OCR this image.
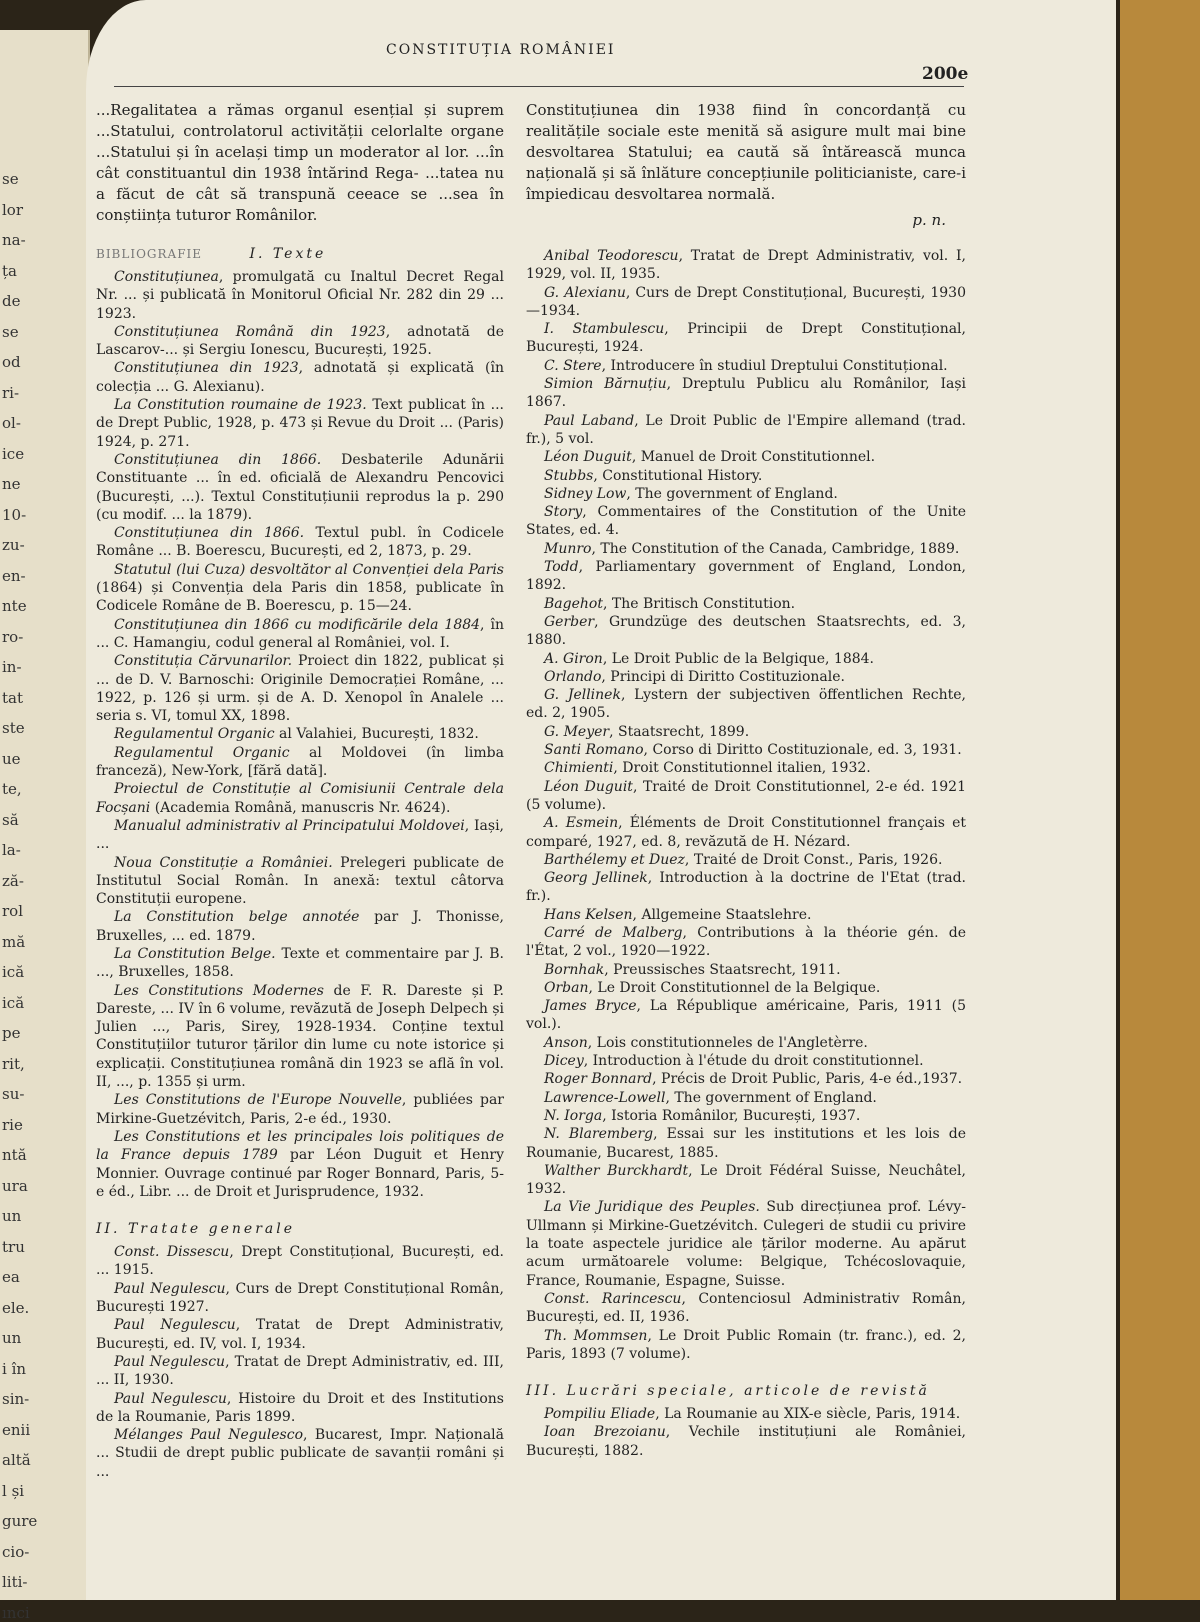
se
lor
na-
ța
de
se
od
ri-
ol-
ice
ne
10-
zu-
en-
nte
ro-
in-
tat
ste
ue
te,
să
la-
ză-
rol
mă
ică
ică
pe
rit,
su-
rie
ntă
ura
un
tru
ea
ele.
un
i în
sin-
enii
altă
l și
gure
cio-
liti-
ınci
CONSTITUȚIA ROMÂNIEI
200e

...Regalitatea a rămas organul esențial și suprem ...Statului, controlatorul activității celorlalte organe ...Statului și în același timp un moderator al lor. ...în cât constituantul din 1938 întărind Rega- ...tatea nu a făcut de cât să transpună ceeace se ...sea în conștiința tuturor Românilor.

BIBLIOGRAFIE	I. Texte

Constituțiunea, promulgată cu Inaltul Decret Regal Nr. ... și publicată în Monitorul Oficial Nr. 282 din 29 ... 1923.

Constituțiunea Română din 1923, adnotată de Lascarov-... și Sergiu Ionescu, București, 1925.

Constituțiunea din 1923, adnotată și explicată (în colecția ... G. Alexianu).

La Constitution roumaine de 1923. Text publicat în ... de Drept Public, 1928, p. 473 și Revue du Droit ... (Paris) 1924, p. 271.

Constituțiunea din 1866. Desbaterile Adunării Constituante ... în ed. oficială de Alexandru Pencovici (București, ...). Textul Constituțiunii reprodus la p. 290 (cu modif. ... la 1879).

Constituțiunea din 1866. Textul publ. în Codicele Române ... B. Boerescu, București, ed 2, 1873, p. 29.

Statutul (lui Cuza) desvoltător al Convenției dela Paris (1864) și Convenția dela Paris din 1858, publicate în Codicele Române de B. Boerescu, p. 15—24.

Constituțiunea din 1866 cu modificările dela 1884, în ... C. Hamangiu, codul general al României, vol. I.

Constituția Cărvunarilor. Proiect din 1822, publicat și ... de D. V. Barnoschi: Originile Democrației Române, ... 1922, p. 126 și urm. și de A. D. Xenopol în Analele ... seria s. VI, tomul XX, 1898.

Regulamentul Organic al Valahiei, București, 1832.

Regulamentul Organic al Moldovei (în limba franceză), New-York, [fără dată].

Proiectul de Constituție al Comisiunii Centrale dela Focșani (Academia Română, manuscris Nr. 4624).

Manualul administrativ al Principatului Moldovei, Iași, ...

Noua Constituție a României. Prelegeri publicate de Institutul Social Român. In anexă: textul câtorva Constituții europene.

La Constitution belge annotée par J. Thonisse, Bruxelles, ... ed. 1879.

La Constitution Belge. Texte et commentaire par J. B. ..., Bruxelles, 1858.

Les Constitutions Modernes de F. R. Dareste și P. Dareste, ... IV în 6 volume, revăzută de Joseph Delpech și Julien ..., Paris, Sirey, 1928-1934. Conține textul Constituțiilor tuturor țărilor din lume cu note istorice și explicații. Constituțiunea română din 1923 se află în vol. II, ..., p. 1355 și urm.

Les Constitutions de l'Europe Nouvelle, publiées par Mirkine-Guetzévitch, Paris, 2-e éd., 1930.

Les Constitutions et les principales lois politiques de la France depuis 1789 par Léon Duguit et Henry Monnier. Ouvrage continué par Roger Bonnard, Paris, 5-e éd., Libr. ... de Droit et Jurisprudence, 1932.

II. Tratate generale

Const. Dissescu, Drept Constituțional, București, ed. ... 1915.

Paul Negulescu, Curs de Drept Constituțional Român, București 1927.

Paul Negulescu, Tratat de Drept Administrativ, București, ed. IV, vol. I, 1934.

Paul Negulescu, Tratat de Drept Administrativ, ed. III, ... II, 1930.

Paul Negulescu, Histoire du Droit et des Institutions de la Roumanie, Paris 1899.

Mélanges Paul Negulesco, Bucarest, Impr. Națională ... Studii de drept public publicate de savanții români și ...

Constituțiunea din 1938 fiind în concordanță cu realitățile sociale este menită să asigure mult mai bine desvoltarea Statului; ea caută să întărească munca națională și să înlăture concepțiunile politicianiste, care-i împiedicau desvoltarea normală.

p. n.

Anibal Teodorescu, Tratat de Drept Administrativ, vol. I, 1929, vol. II, 1935.

G. Alexianu, Curs de Drept Constituțional, București, 1930—1934.

I. Stambulescu, Principii de Drept Constituțional, București, 1924.

C. Stere, Introducere în studiul Dreptului Constituțional.

Simion Bărnuțiu, Dreptulu Publicu alu Românilor, Iași 1867.

Paul Laband, Le Droit Public de l'Empire allemand (trad. fr.), 5 vol.

Léon Duguit, Manuel de Droit Constitutionnel.

Stubbs, Constitutional History.

Sidney Low, The government of England.

Story, Commentaires of the Constitution of the Unite States, ed. 4.

Munro, The Constitution of the Canada, Cambridge, 1889.

Todd, Parliamentary government of England, London, 1892.

Bagehot, The Britisch Constitution.

Gerber, Grundzüge des deutschen Staatsrechts, ed. 3, 1880.

A. Giron, Le Droit Public de la Belgique, 1884.

Orlando, Principi di Diritto Costituzionale.

G. Jellinek, Lystern der subjectiven öffentlichen Rechte, ed. 2, 1905.

G. Meyer, Staatsrecht, 1899.

Santi Romano, Corso di Diritto Costituzionale, ed. 3, 1931.

Chimienti, Droit Constitutionnel italien, 1932.

Léon Duguit, Traité de Droit Constitutionnel, 2-e éd. 1921 (5 volume).

A. Esmein, Éléments de Droit Constitutionnel français et comparé, 1927, ed. 8, revăzută de H. Nézard.

Barthélemy et Duez, Traité de Droit Const., Paris, 1926.

Georg Jellinek, Introduction à la doctrine de l'Etat (trad. fr.).

Hans Kelsen, Allgemeine Staatslehre.

Carré de Malberg, Contributions à la théorie gén. de l'État, 2 vol., 1920—1922.

Bornhak, Preussisches Staatsrecht, 1911.

Orban, Le Droit Constitutionnel de la Belgique.

James Bryce, La République américaine, Paris, 1911 (5 vol.).

Anson, Lois constitutionneles de l'Angletèrre.

Dicey, Introduction à l'étude du droit constitutionnel.

Roger Bonnard, Précis de Droit Public, Paris, 4-e éd.,1937.

Lawrence-Lowell, The government of England.

N. Iorga, Istoria Românilor, București, 1937.

N. Blaremberg, Essai sur les institutions et les lois de Roumanie, Bucarest, 1885.

Walther Burckhardt, Le Droit Fédéral Suisse, Neuchâtel, 1932.

La Vie Juridique des Peuples. Sub direcțiunea prof. Lévy-Ullmann și Mirkine-Guetzévitch. Culegeri de studii cu privire la toate aspectele juridice ale țărilor moderne. Au apărut acum următoarele volume: Belgique, Tchécoslovaquie, France, Roumanie, Espagne, Suisse.

Const. Rarincescu, Contenciosul Administrativ Român, București, ed. II, 1936.

Th. Mommsen, Le Droit Public Romain (tr. franc.), ed. 2, Paris, 1893 (7 volume).

III. Lucrări speciale, articole de revistă

Pompiliu Eliade, La Roumanie au XIX-e siècle, Paris, 1914.

Ioan Brezoianu, Vechile instituțiuni ale României, București, 1882.
